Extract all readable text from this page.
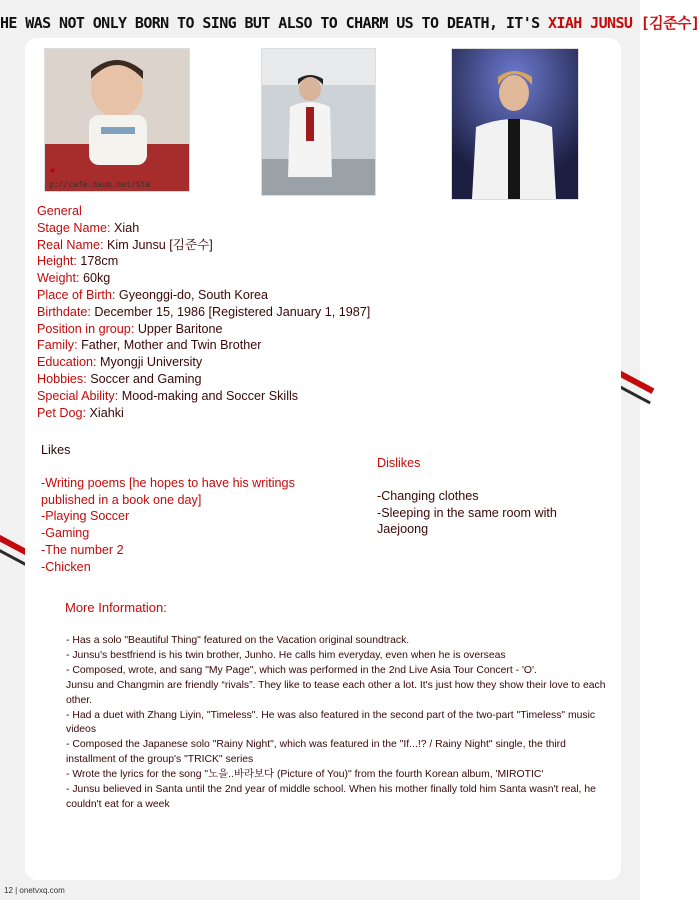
HE WAS NOT ONLY BORN TO SING BUT ALSO TO CHARM US TO DEATH, IT'S XIAH JUNSU [김준수]
★
p://cafe.daum.net/Sta
General
Stage Name: Xiah
Real Name: Kim Junsu [김준수]
Height: 178cm
Weight: 60kg
Place of Birth: Gyeonggi-do, South Korea
Birthdate: December 15, 1986 [Registered January 1, 1987]
Position in group: Upper Baritone
Family: Father, Mother and Twin Brother
Education: Myongji University
Hobbies: Soccer and Gaming
Special Ability: Mood-making and Soccer Skills
Pet Dog: Xiahki
Likes
-Writing poems [he hopes to have his writings published in a book one day]
-Playing Soccer
-Gaming
-The number 2
-Chicken
Dislikes
-Changing clothes
-Sleeping in the same room with Jaejoong
More Information:
- Has a solo "Beautiful Thing" featured on the Vacation original soundtrack.
- Junsu's bestfriend is his twin brother, Junho. He calls him everyday, even when he is overseas
- Composed, wrote, and sang "My Page", which was performed in the 2nd Live Asia Tour Concert - 'O'.
Junsu and Changmin are friendly “rivals”. They like to tease each other a lot. It's just how they show their love to each other.
- Had a duet with Zhang Liyin, "Timeless". He was also featured in the second part of the two-part "Timeless" music videos
- Composed the Japanese solo "Rainy Night", which was featured in the "If...!? / Rainy Night" single, the third installment of the group's "TRICK" series
- Wrote the lyrics for the song "노을..바라보다 (Picture of You)" from the fourth Korean album, 'MIROTIC'
- Junsu believed in Santa until the 2nd year of middle school. When his mother finally told him Santa wasn't real, he couldn't eat for a week
12 | onetvxq.com
